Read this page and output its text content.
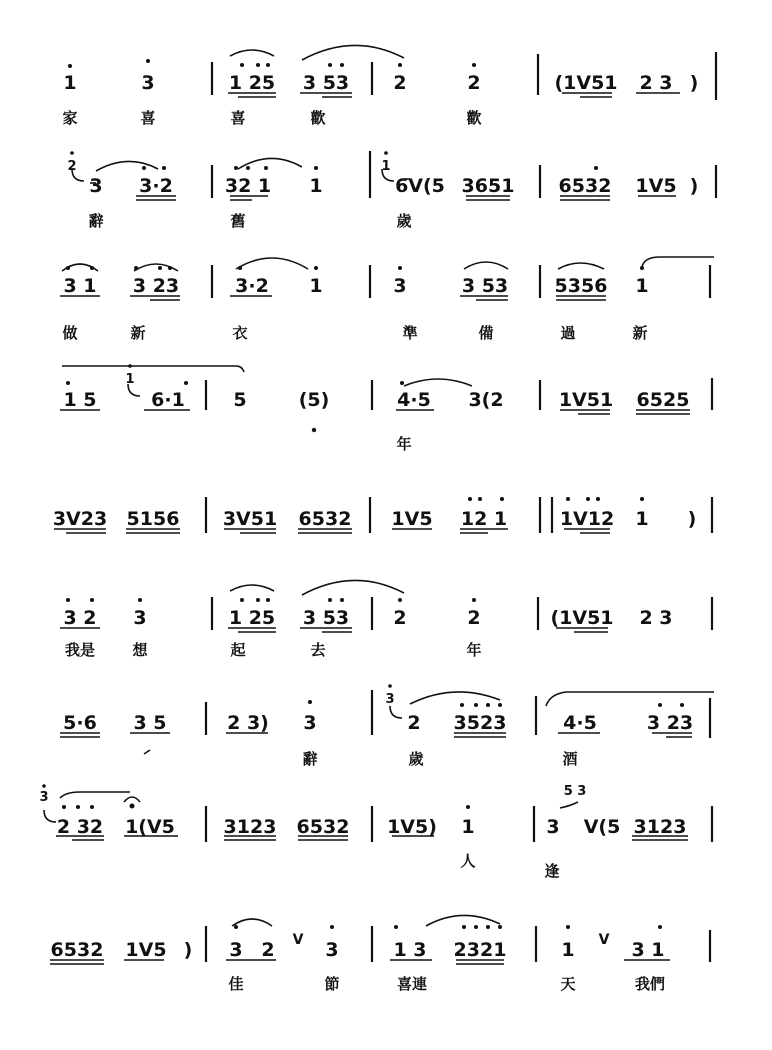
1	3	1 25 3 53 2	2	(1V51 2 3 )
家	喜	喜	歡	歡
2
3 3·2	32 1 1
1
6V(5 3651 6532 1V5 )
辭	舊	歲
3 1 3 23	3·2 1	3	3 53 5356 1
做	新	衣	準	備	過	新
1 5
1
6·1	5	(5)	4·5 3(2	1V51 6525
年
3V23 5156 3V51 6532 1V5 12 1	1V12 1 )
3 2 3	1 25 3 53 2	2	(1V51 2 3
我是 想	起	去	年
5·6 3 5	2 3) 3
3
2 3523	4·5	3 23
辭	歲	酒
3
2 32 1(V5	3123 6532 1V5) 1
5 3
3 V(5 3123
人
逢
6532 1V5 ) 3 2 V 3	1 3 2321	1 V 3 1
佳	節	喜連	天	我們
